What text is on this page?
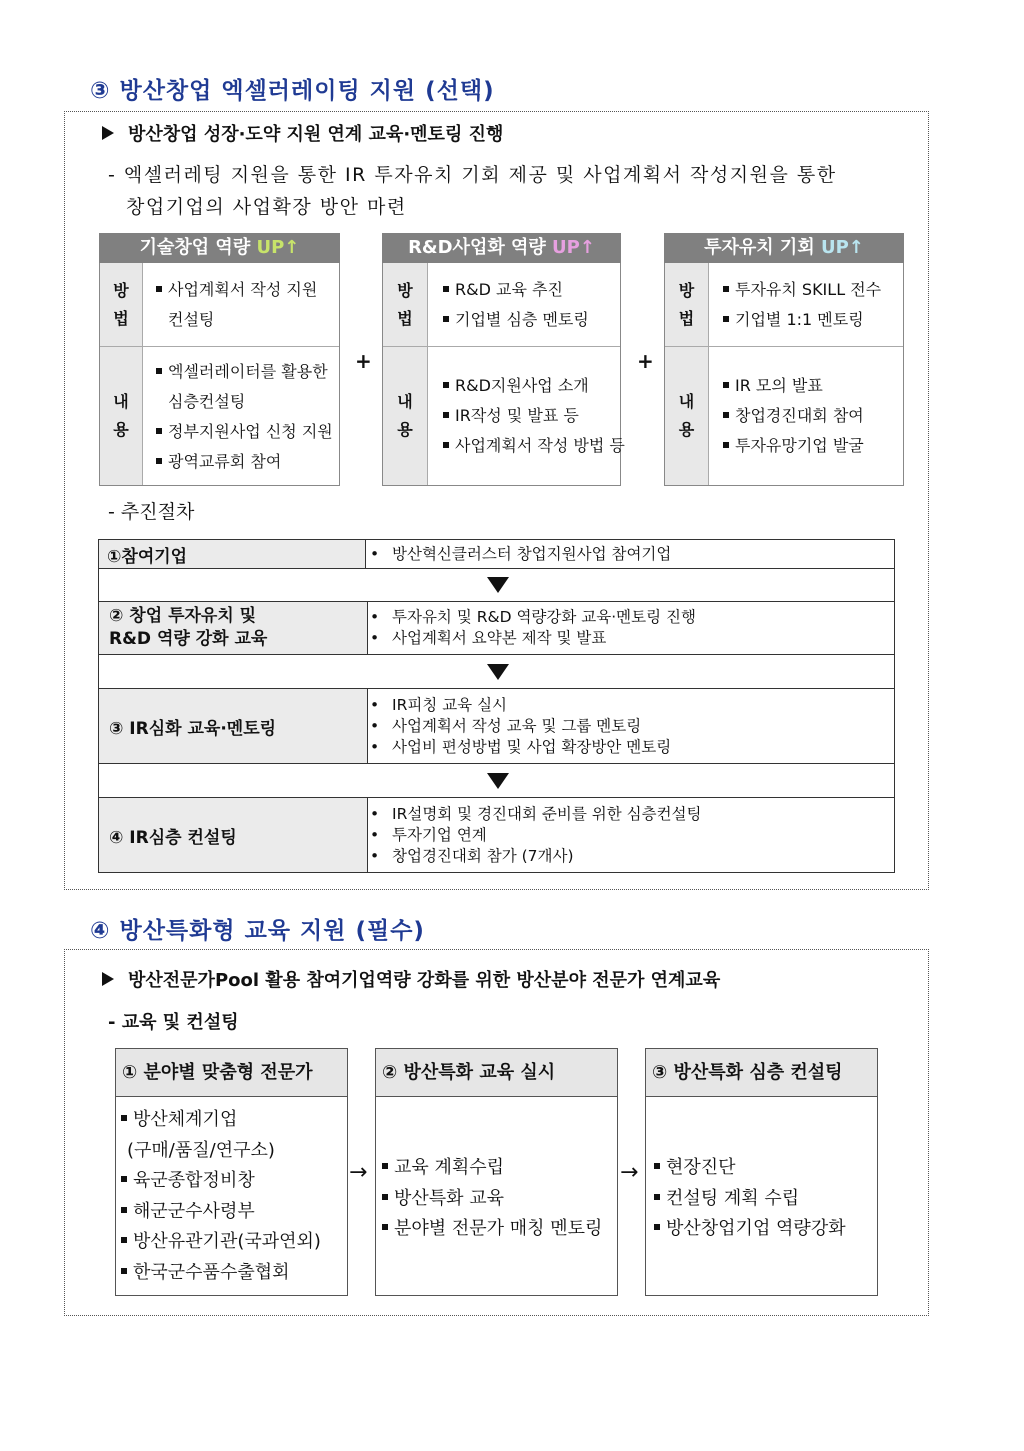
③ 방산창업 엑셀러레이팅 지원 (선택)
방산창업 성장·도약 지원 연계 교육·멘토링 진행
- 엑셀러레팅 지원을 통한 IR 투자유치 기회 제공 및 사업계획서 작성지원을 통한
창업기업의 사업확장 방안 마련
기술창업 역량 UP↑
방
법
내
용
사업계획서 작성 지원
컨설팅
엑셀러레이터를 활용한
심층컨설팅
정부지원사업 신청 지원
광역교류회 참여
+
R&D사업화 역량 UP↑
방
법
내
용
R&D 교육 추진
기업별 심층 멘토링
R&D지원사업 소개
IR작성 및 발표 등
사업계획서 작성 방법 등
+
투자유치 기회 UP↑
방
법
내
용
투자유치 SKILL 전수
기업별 1:1 멘토링
IR 모의 발표
창업경진대회 참여
투자유망기업 발굴
- 추진절차
①참여기업
•	방산혁신클러스터 창업지원사업 참여기업
② 창업 투자유치 및
R&D 역량 강화 교육
• 투자유치 및 R&D 역량강화 교육·멘토링 진행
• 사업계획서 요약본 제작 및 발표
③ IR심화 교육·멘토링
• IR피칭 교육 실시
• 사업계획서 작성 교육 및 그룹 멘토링
• 사업비 편성방법 및 사업 확장방안 멘토링
④ IR심층 컨설팅
• IR설명회 및 경진대회 준비를 위한 심층컨설팅
• 투자기업 연계
• 창업경진대회 참가 (7개사)
④ 방산특화형 교육 지원 (필수)
방산전문가Pool 활용 참여기업역량 강화를 위한 방산분야 전문가 연계교육
- 교육 및 컨설팅
① 분야별 맞춤형 전문가
방산체계기업
(구매/품질/연구소)
육군종합정비창
해군군수사령부
방산유관기관(국과연외)
한국군수품수출협회
→
② 방산특화 교육 실시
교육 계획수립
방산특화 교육
분야별 전문가 매칭 멘토링
→
③ 방산특화 심층 컨설팅
현장진단
컨설팅 계획 수립
방산창업기업 역량강화
